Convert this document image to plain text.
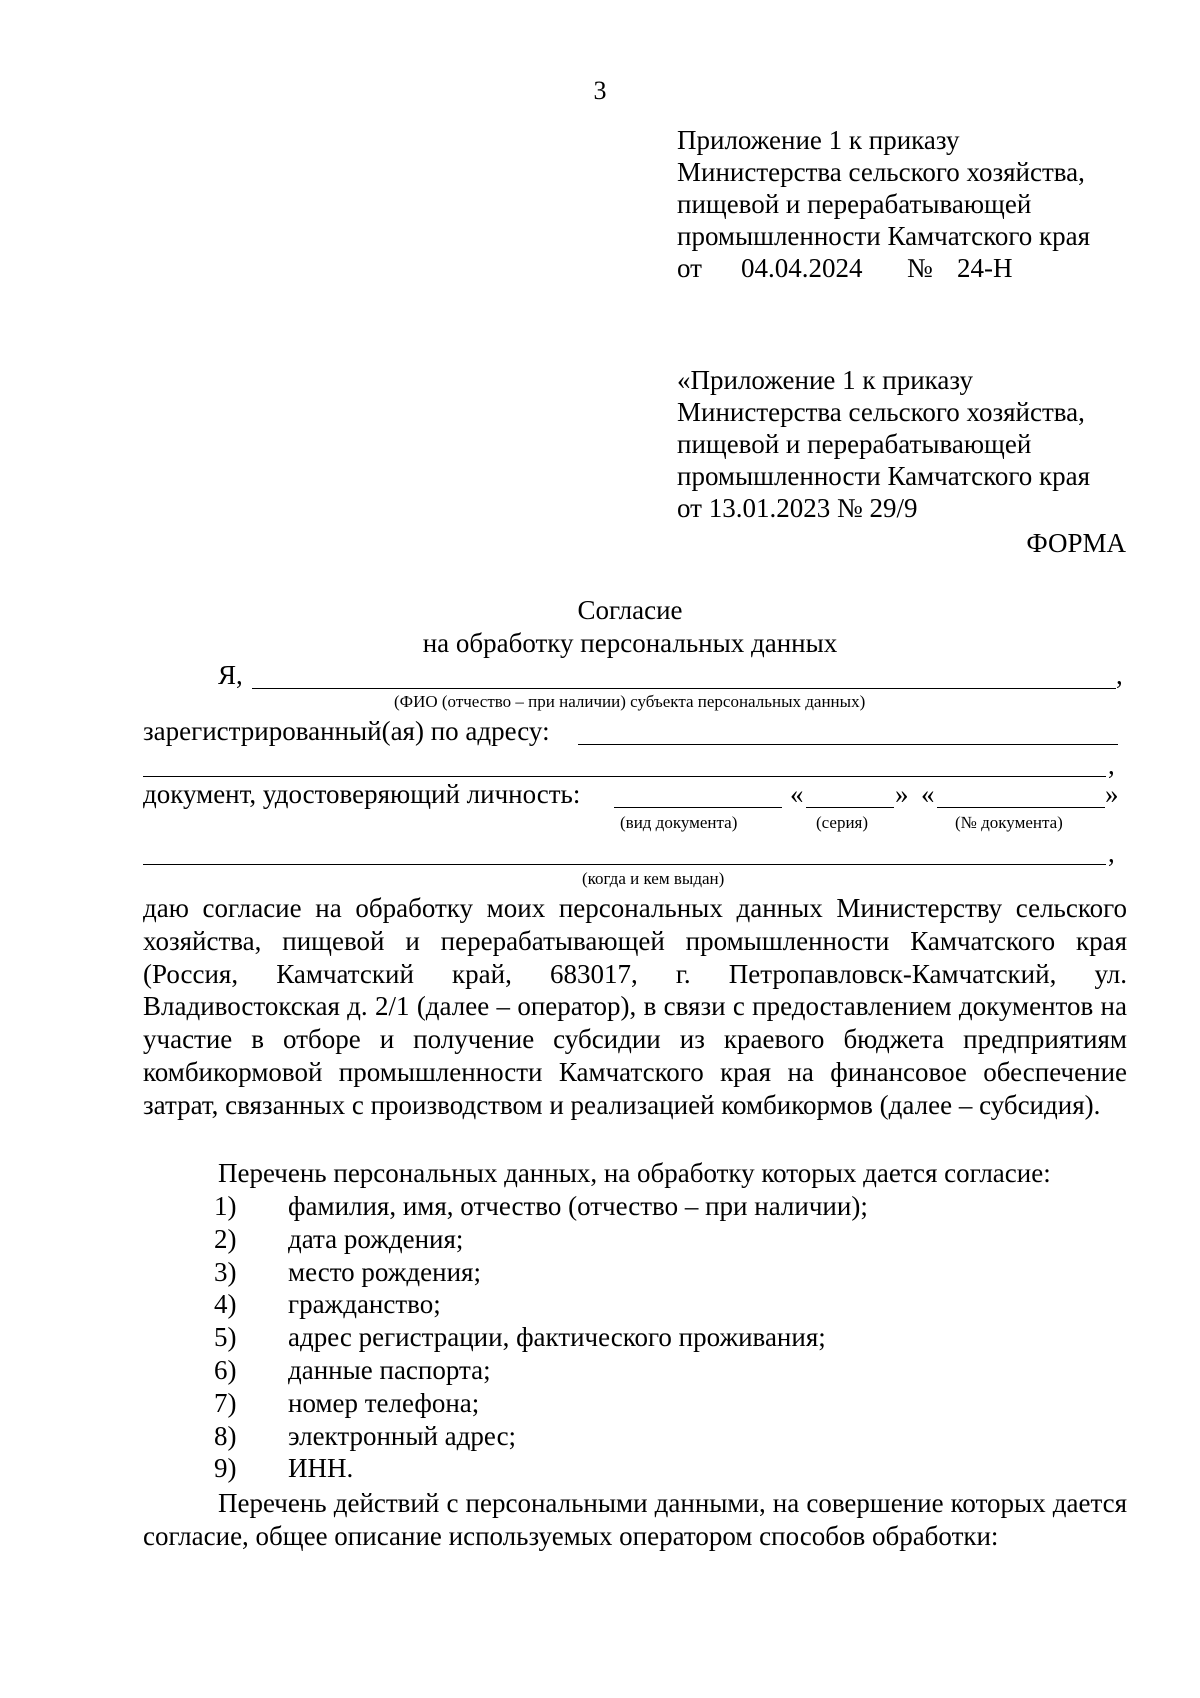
3
Приложение 1 к приказу
Министерства сельского хозяйства,
пищевой и перерабатывающей
промышленности Камчатского края
от 04.04.2024 № 24-Н
«Приложение 1 к приказу
Министерства сельского хозяйства,
пищевой и перерабатывающей
промышленности Камчатского края
от 13.01.2023 № 29/9
ФОРМА
Согласие
на обработку персональных данных
Я,	,
(ФИО (отчество – при наличии) субъекта персональных данных)
зарегистрированный(ая) по адресу:
,
документ, удостоверяющий личность:	«	» «	»
(вид документа)	(серия)	(№ документа)
,
(когда и кем выдан)
даю согласие на обработку моих персональных данных Министерству сельского хозяйства, пищевой и перерабатывающей промышленности Камчатского края (Россия, Камчатский край, 683017, г. Петропавловск-Камчатский, ул. Владивостокская д. 2/1 (далее – оператор), в связи с предоставлением документов на участие в отборе и получение субсидии из краевого бюджета предприятиям комбикормовой промышленности Камчатского края на финансовое обеспечение затрат, связанных с производством и реализацией комбикормов (далее – субсидия).
Перечень персональных данных, на обработку которых дается согласие:
1) фамилия, имя, отчество (отчество – при наличии);
2) дата рождения;
3) место рождения;
4) гражданство;
5) адрес регистрации, фактического проживания;
6) данные паспорта;
7) номер телефона;
8) электронный адрес;
9) ИНН.
Перечень действий с персональными данными, на совершение которых дается согласие, общее описание используемых оператором способов обработки:
